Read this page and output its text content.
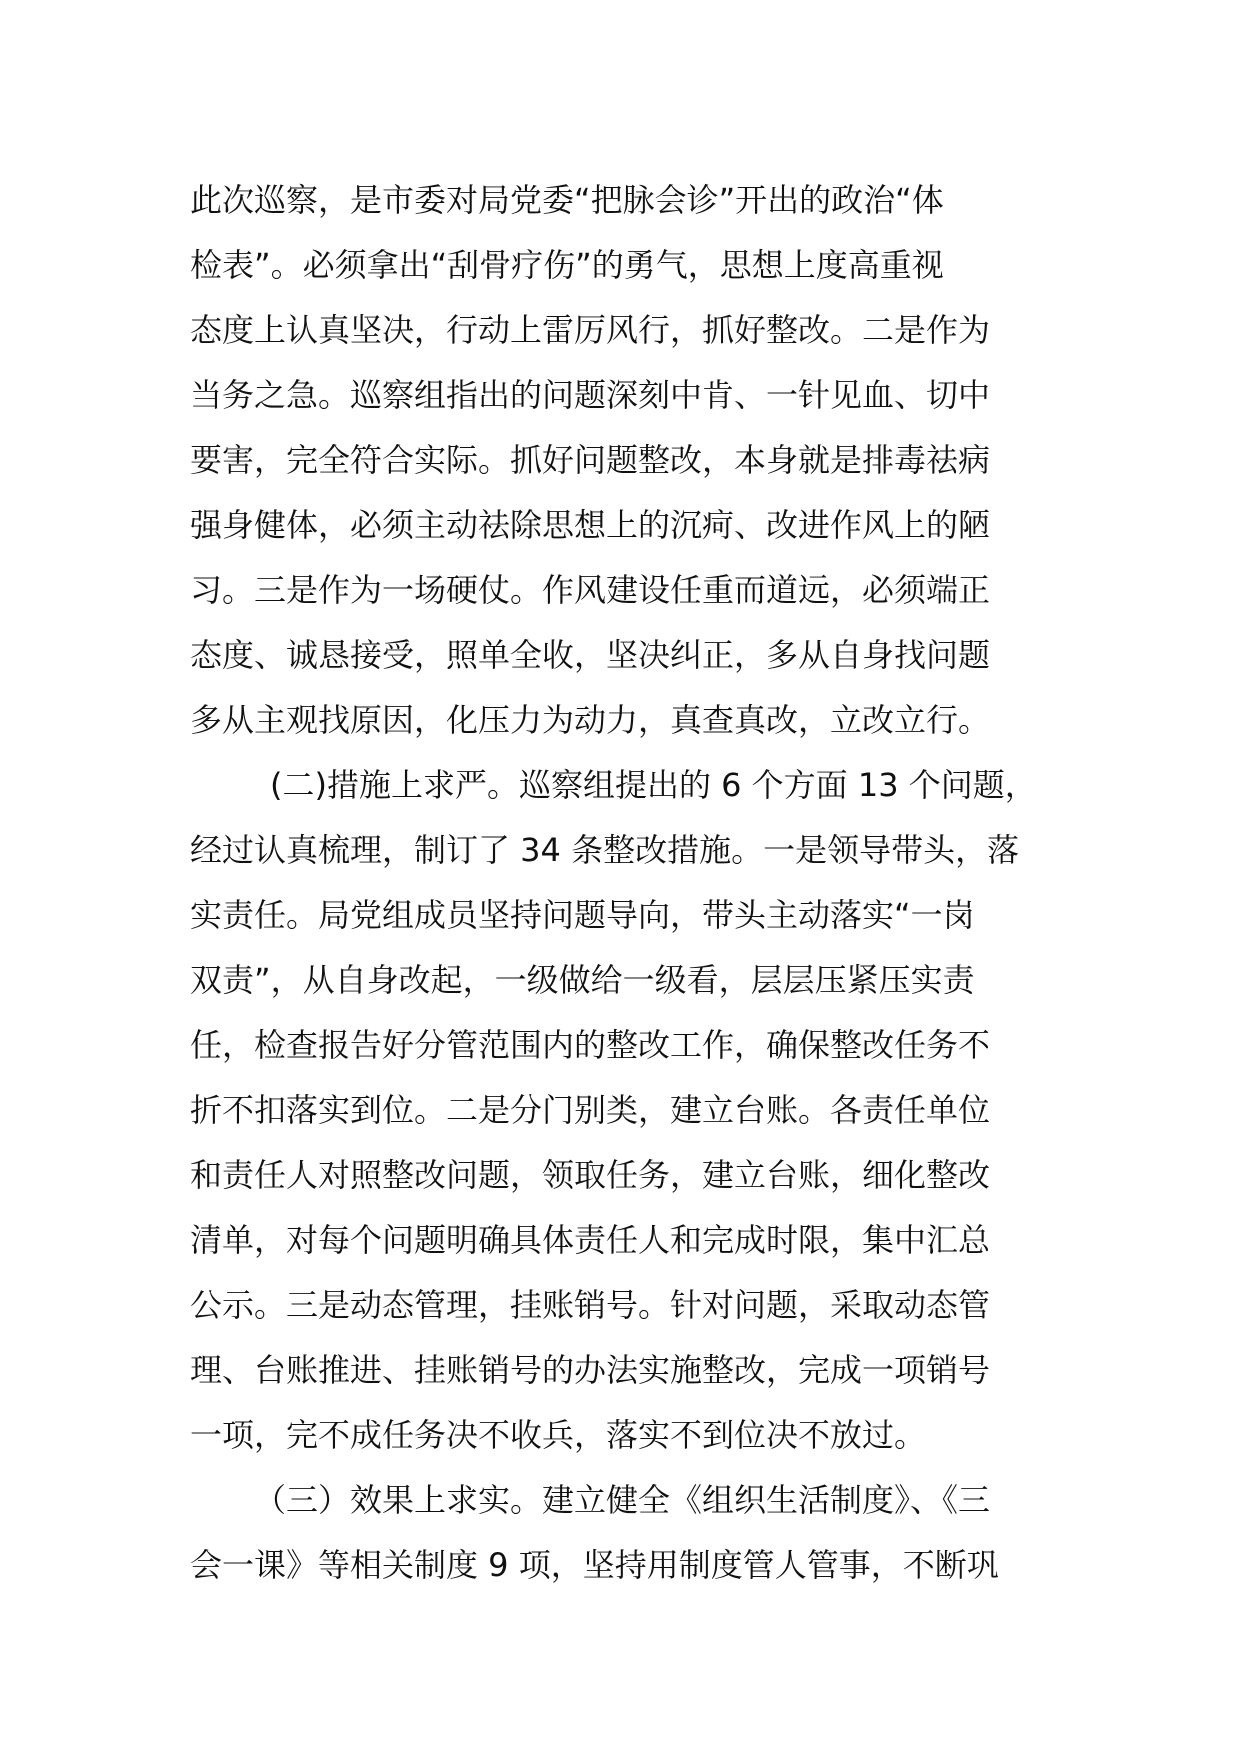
此次巡察，是市委对局党委“把脉会诊”开出的政治“体
检表”。必须拿出“刮骨疗伤”的勇气，思想上度高重视
态度上认真坚决，行动上雷厉风行，抓好整改。二是作为
当务之急。巡察组指出的问题深刻中肯、一针见血、切中
要害，完全符合实际。抓好问题整改，本身就是排毒祛病
强身健体，必须主动祛除思想上的沉疴、改进作风上的陋
习。三是作为一场硬仗。作风建设任重而道远，必须端正
态度、诚恳接受，照单全收，坚决纠正，多从自身找问题
多从主观找原因，化压力为动力，真查真改，立改立行。
(二)措施上求严。巡察组提出的 6 个方面 13 个问题，
经过认真梳理，制订了 34 条整改措施。一是领导带头，落
实责任。局党组成员坚持问题导向，带头主动落实“一岗
双责”，从自身改起，一级做给一级看，层层压紧压实责
任，检查报告好分管范围内的整改工作，确保整改任务不
折不扣落实到位。二是分门别类，建立台账。各责任单位
和责任人对照整改问题，领取任务，建立台账，细化整改
清单，对每个问题明确具体责任人和完成时限，集中汇总
公示。三是动态管理，挂账销号。针对问题，采取动态管
理、台账推进、挂账销号的办法实施整改，完成一项销号
一项，完不成任务决不收兵，落实不到位决不放过。
（三）效果上求实。建立健全《组织生活制度》、《三
会一课》等相关制度 9 项，坚持用制度管人管事，不断巩
